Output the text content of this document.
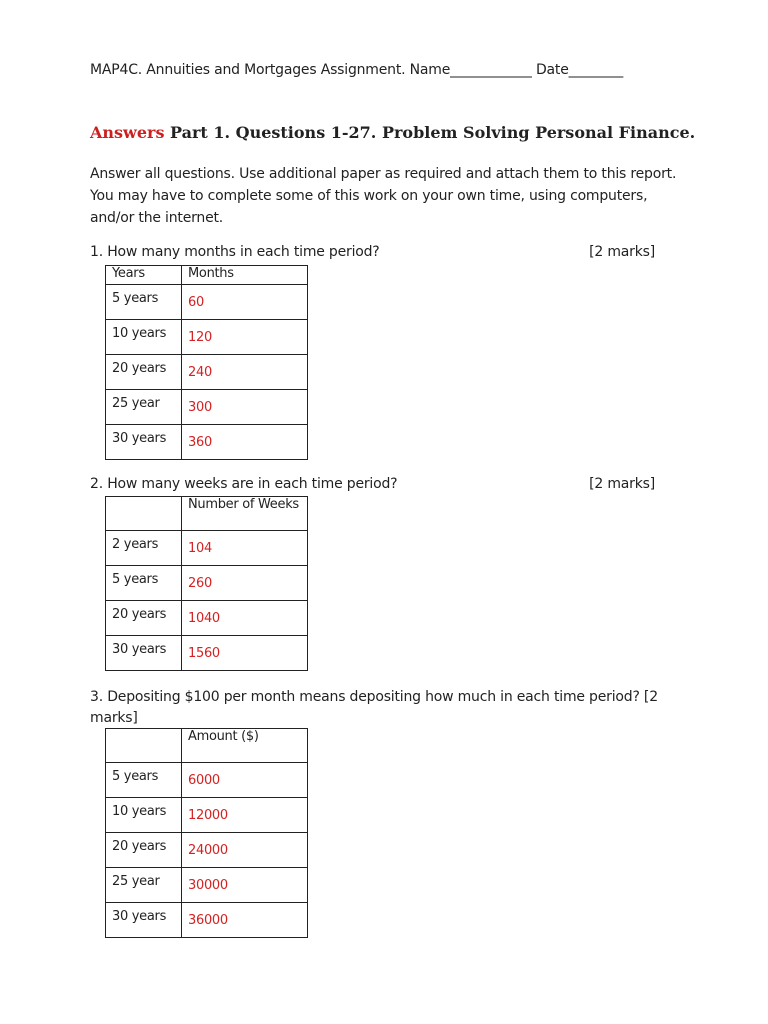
MAP4C. Annuities and Mortgages Assignment. Name____________ Date________
Answers Part 1. Questions 1-27. Problem Solving Personal Finance.

Answer all questions. Use additional paper as required and attach them to this report.

You may have to complete some of this work on your own time, using computers,

and/or the internet.

1. How many months in each time period?	[2 marks]
Years	Months
5 years	60
10 years	120
20 years	240
25 year	300
30 years	360
2. How many weeks are in each time period?	[2 marks]
	Number of Weeks
2 years	104
5 years	260
20 years	1040
30 years	1560
3. Depositing $100 per month means depositing how much in each time period? [2
marks]
	Amount ($)
5 years	6000
10 years	12000
20 years	24000
25 year	30000
30 years	36000
